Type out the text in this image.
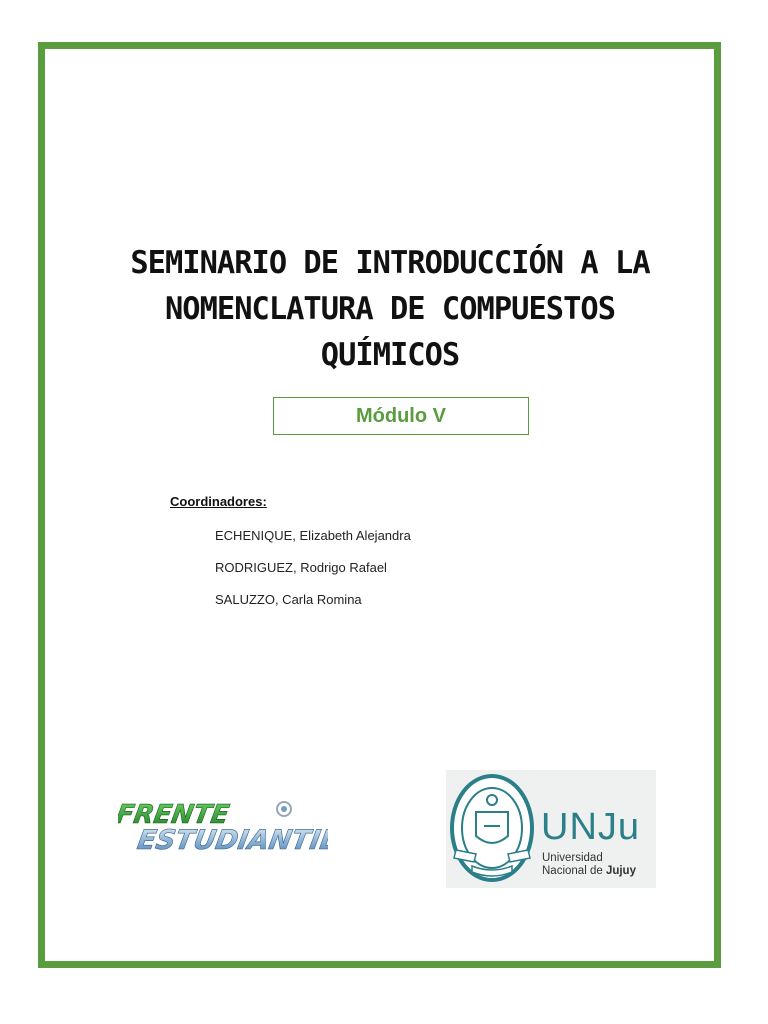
SEMINARIO DE INTRODUCCIÓN A LA
NOMENCLATURA DE COMPUESTOS
QUÍMICOS
Módulo V
Coordinadores:
ECHENIQUE, Elizabeth Alejandra
RODRIGUEZ, Rodrigo Rafael
SALUZZO, Carla Romina
FRENTE
ESTUDIANTIL	UNJu
Universidad
Nacional de Jujuy
